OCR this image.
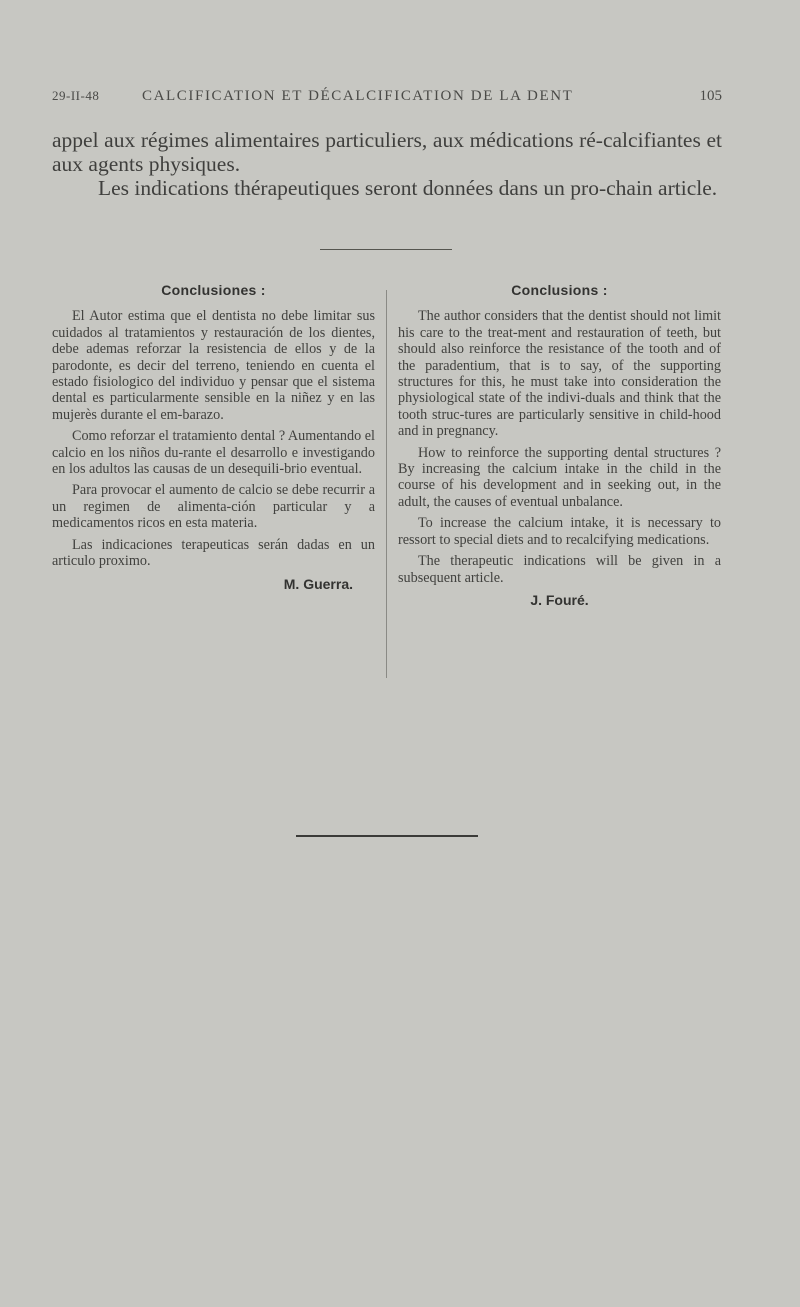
29-II-48	CALCIFICATION ET DÉCALCIFICATION DE LA DENT	105

appel aux régimes alimentaires particuliers, aux médications ré-calcifiantes et aux agents physiques.

Les indications thérapeutiques seront données dans un pro-chain article.

Conclusiones :

El Autor estima que el dentista no debe limitar sus cuidados al tratamientos y restauración de los dientes, debe ademas reforzar la resistencia de ellos y de la parodonte, es decir del terreno, teniendo en cuenta el estado fisiologico del individuo y pensar que el sistema dental es particularmente sensible en la niñez y en las mujerès durante el em-barazo.

Como reforzar el tratamiento dental ? Aumentando el calcio en los niños du-rante el desarrollo e investigando en los adultos las causas de un desequili-brio eventual.

Para provocar el aumento de calcio se debe recurrir a un regimen de alimenta-ción particular y a medicamentos ricos en esta materia.

Las indicaciones terapeuticas serán dadas en un articulo proximo.

M. Guerra.

Conclusions :

The author considers that the dentist should not limit his care to the treat-ment and restauration of teeth, but should also reinforce the resistance of the tooth and of the paradentium, that is to say, of the supporting structures for this, he must take into consideration the physiological state of the indivi-duals and think that the tooth struc-tures are particularly sensitive in child-hood and in pregnancy.

How to reinforce the supporting dental structures ? By increasing the calcium intake in the child in the course of his development and in seeking out, in the adult, the causes of eventual unbalance.

To increase the calcium intake, it is necessary to ressort to special diets and to recalcifying medications.

The therapeutic indications will be given in a subsequent article.

J. Fouré.
